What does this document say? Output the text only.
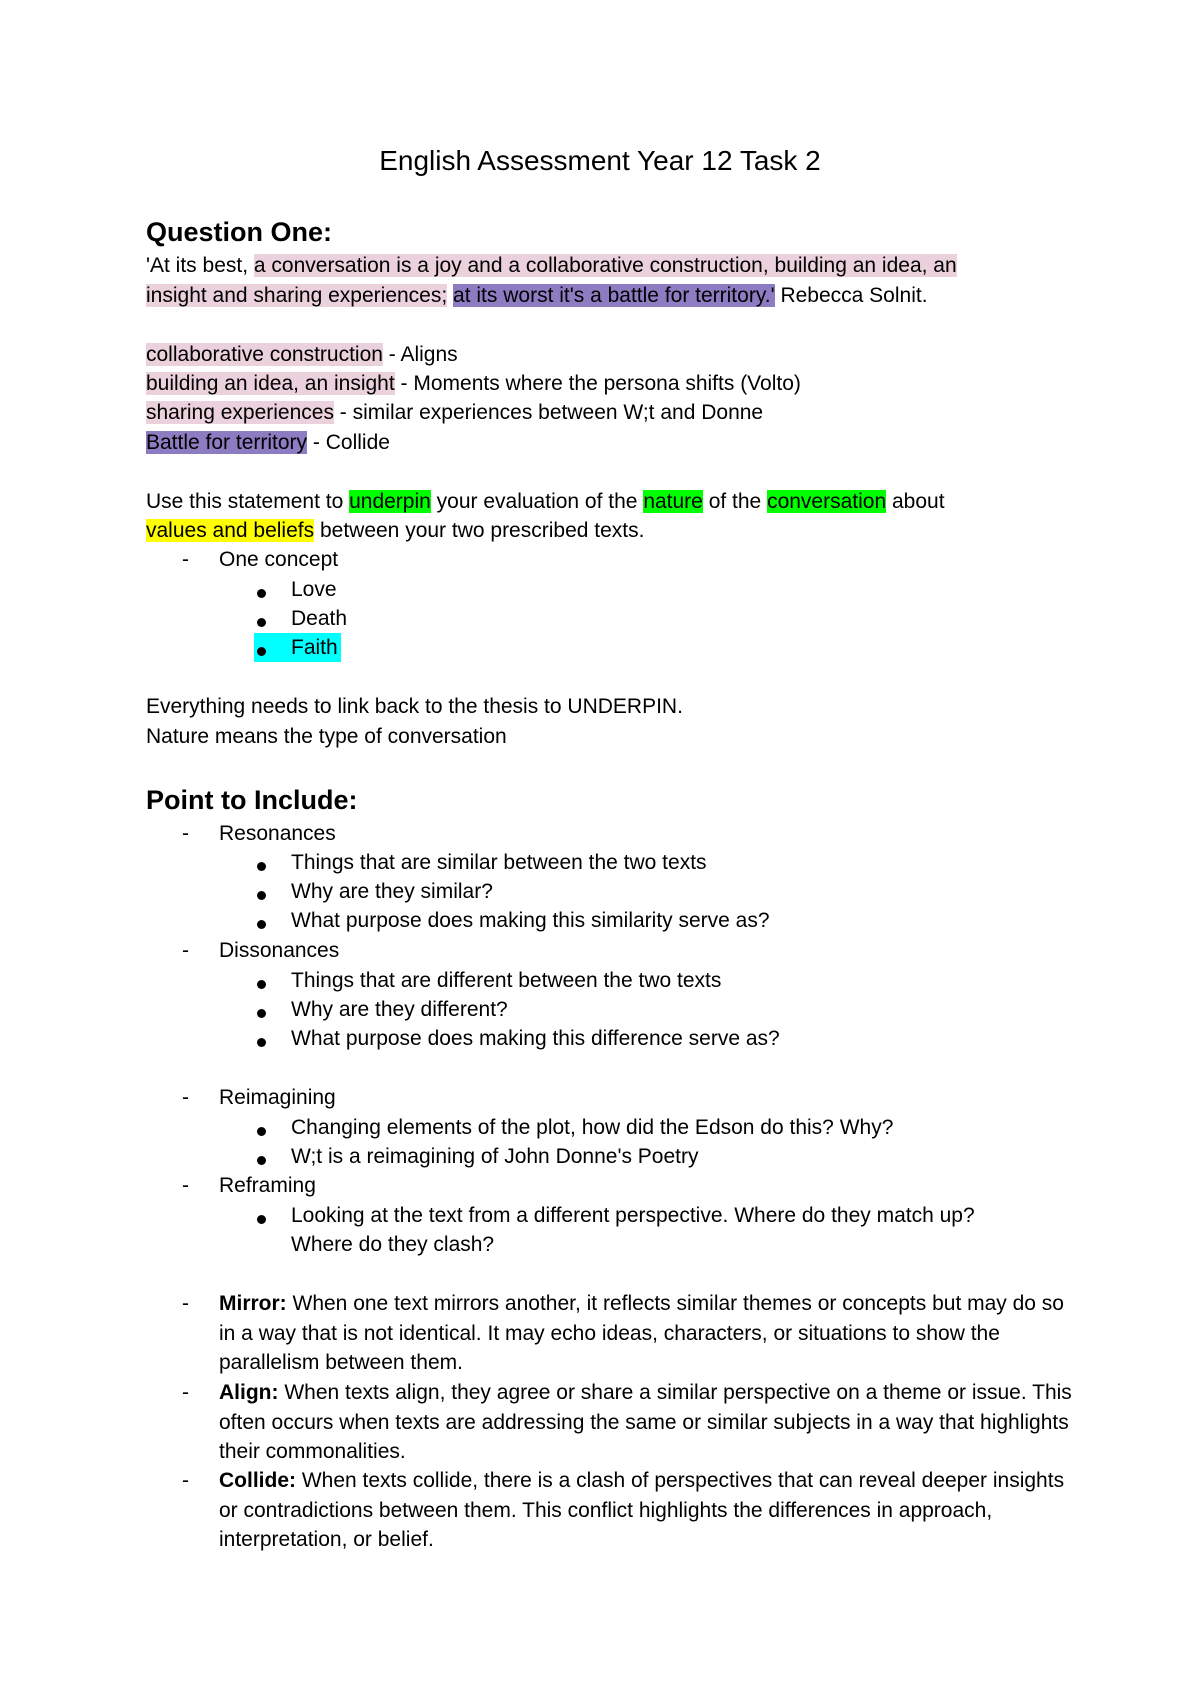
English Assessment Year 12 Task 2
Question One:
'At its best, a conversation is a joy and a collaborative construction, building an idea, an
insight and sharing experiences; at its worst it's a battle for territory.' Rebecca Solnit.
collaborative construction - Aligns
building an idea, an insight - Moments where the persona shifts (Volto)
sharing experiences - similar experiences between W;t and Donne
Battle for territory - Collide
Use this statement to underpin your evaluation of the nature of the conversation about
values and beliefs between your two prescribed texts.
- One concept
Love
Death
Faith
Everything needs to link back to the thesis to UNDERPIN.
Nature means the type of conversation
Point to Include:
- Resonances
Things that are similar between the two texts
Why are they similar?
What purpose does making this similarity serve as?
- Dissonances
Things that are different between the two texts
Why are they different?
What purpose does making this difference serve as?
- Reimagining
Changing elements of the plot, how did the Edson do this? Why?
W;t is a reimagining of John Donne's Poetry
- Reframing
Looking at the text from a different perspective. Where do they match up?
Where do they clash?
- Mirror: When one text mirrors another, it reflects similar themes or concepts but may do so in a way that is not identical. It may echo ideas, characters, or situations to show the parallelism between them.
- Align: When texts align, they agree or share a similar perspective on a theme or issue. This often occurs when texts are addressing the same or similar subjects in a way that highlights their commonalities.
- Collide: When texts collide, there is a clash of perspectives that can reveal deeper insights or contradictions between them. This conflict highlights the differences in approach, interpretation, or belief.
